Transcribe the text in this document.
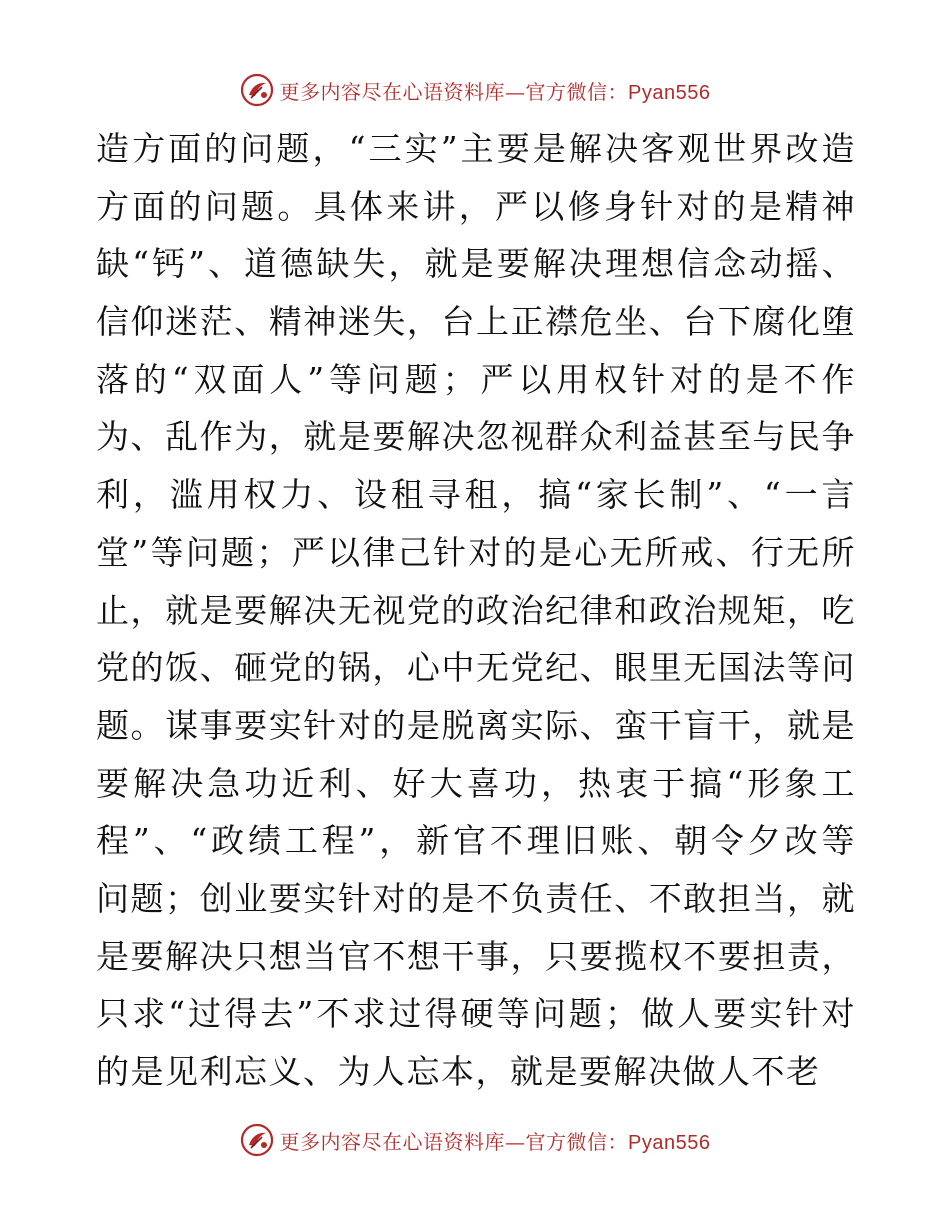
更多内容尽在心语资料库—官方微信：Pyan556
造方面的问题，“三实”主要是解决客观世界改造
方面的问题。具体来讲，严以修身针对的是精神
缺“钙”、道德缺失，就是要解决理想信念动摇、
信仰迷茫、精神迷失，台上正襟危坐、台下腐化堕
落的“双面人”等问题；严以用权针对的是不作
为、乱作为，就是要解决忽视群众利益甚至与民争
利，滥用权力、设租寻租，搞“家长制”、“一言
堂”等问题；严以律己针对的是心无所戒、行无所
止，就是要解决无视党的政治纪律和政治规矩，吃
党的饭、砸党的锅，心中无党纪、眼里无国法等问
题。谋事要实针对的是脱离实际、蛮干盲干，就是
要解决急功近利、好大喜功，热衷于搞“形象工
程”、“政绩工程”，新官不理旧账、朝令夕改等
问题；创业要实针对的是不负责任、不敢担当，就
是要解决只想当官不想干事，只要揽权不要担责，
只求“过得去”不求过得硬等问题；做人要实针对
的是见利忘义、为人忘本，就是要解决做人不老
更多内容尽在心语资料库—官方微信：Pyan556
